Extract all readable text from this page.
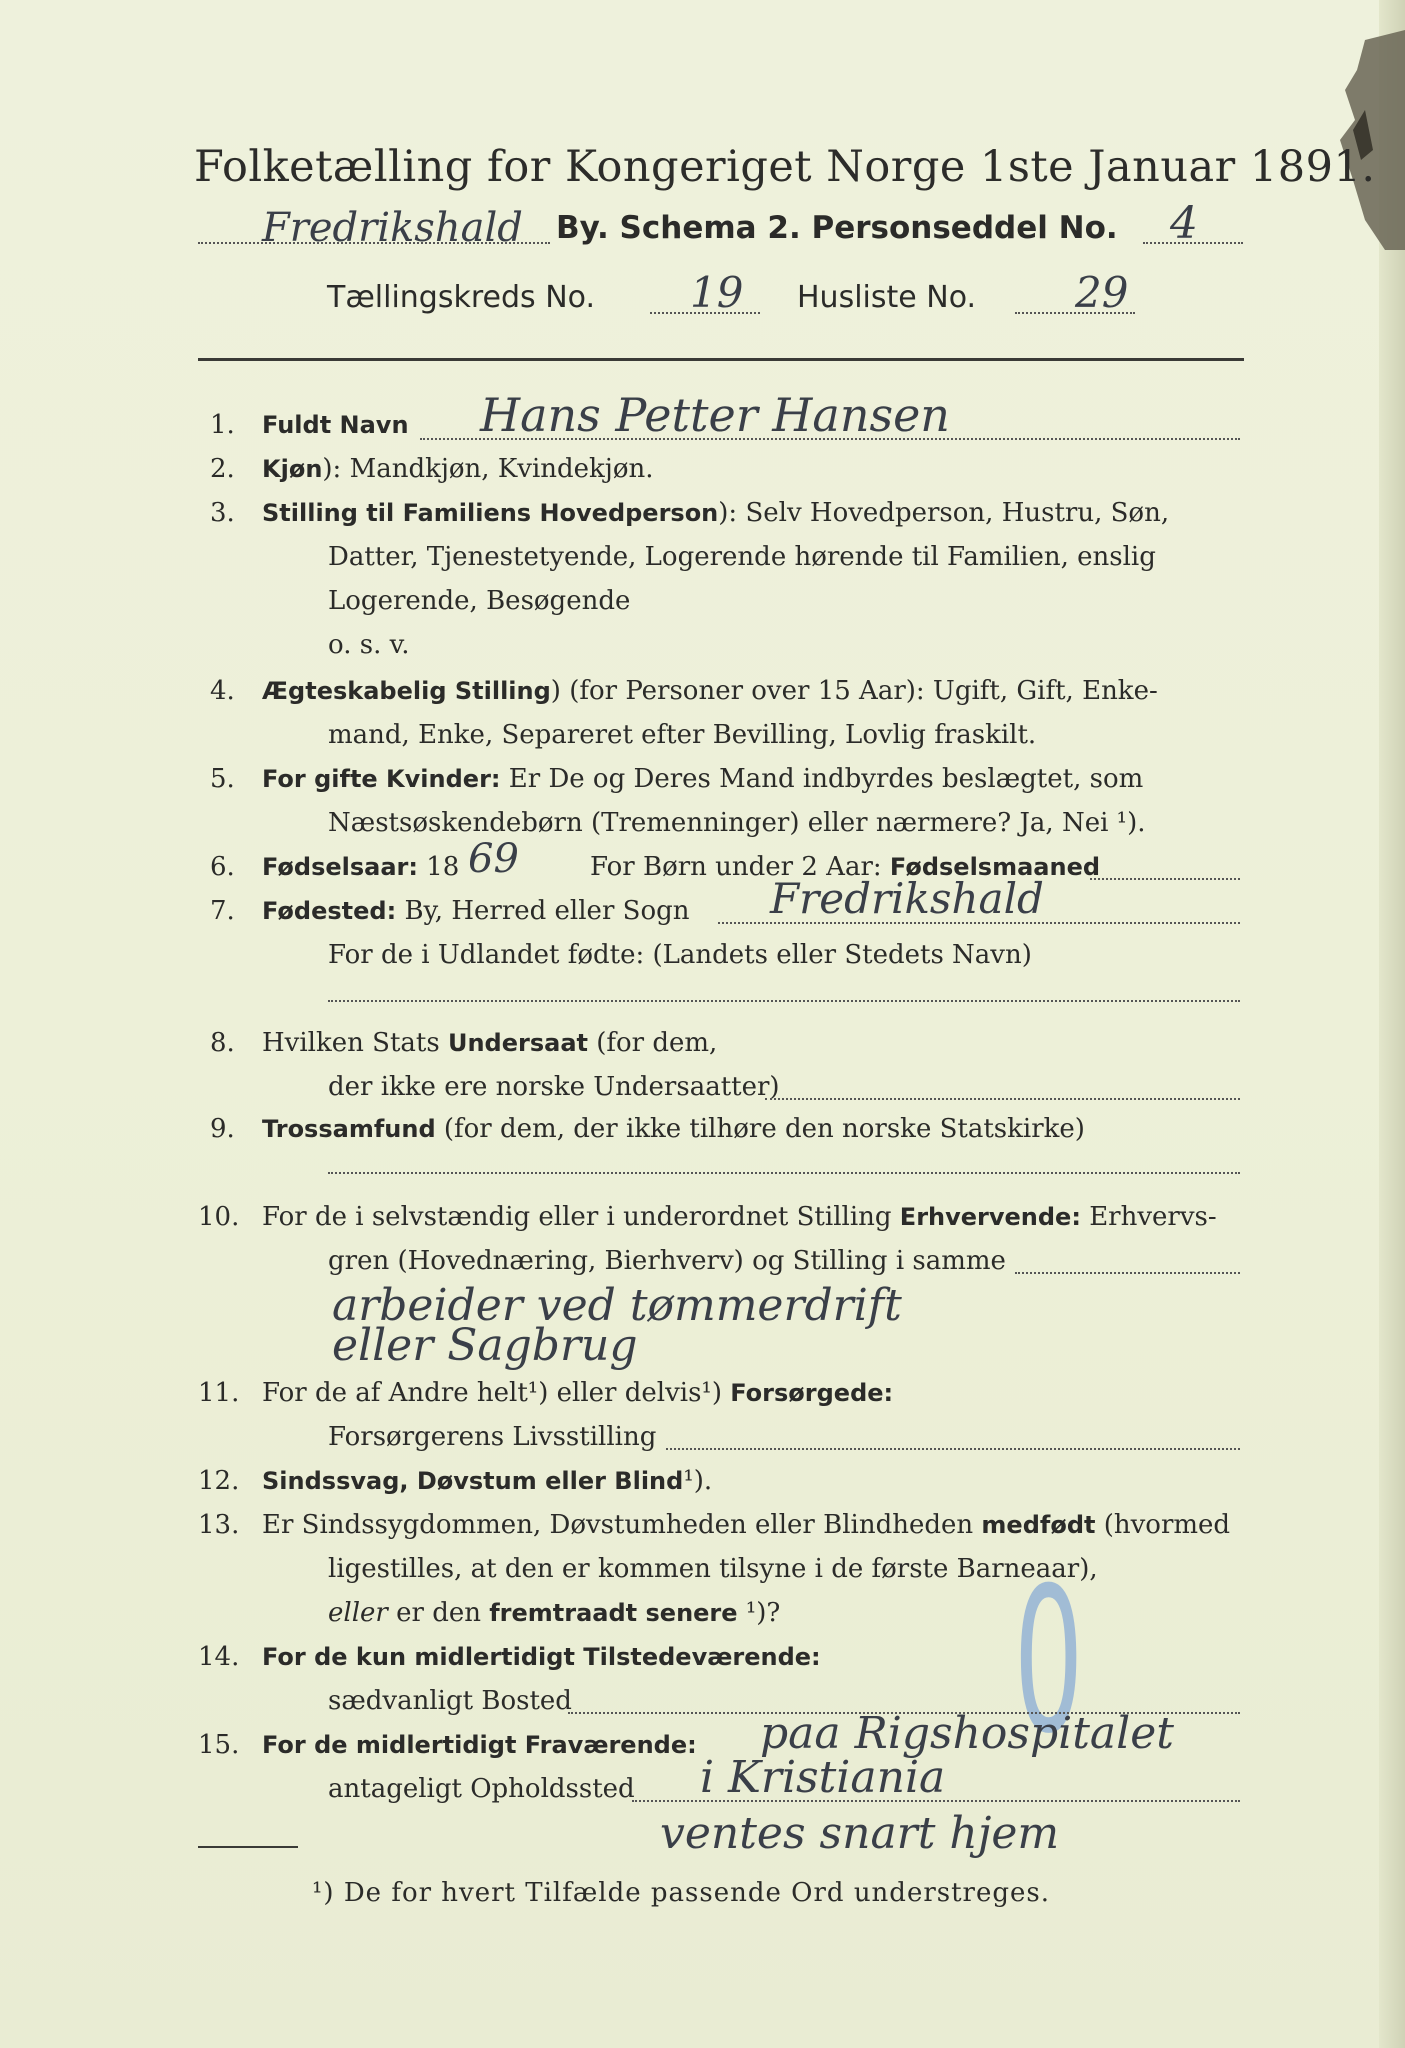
Folketælling for Kongeriget Norge 1ste Januar 1891.
Fredrikshald By. Schema 2. Personseddel No. 4
Tællingskreds No. 19 Husliste No. 29
1. Fuldt Navn Hans Petter Hansen
2. Kjøn): Mandkjøn, Kvindekjøn.
3. Stilling til Familiens Hovedperson): Selv Hovedperson, Hustru, Søn,
Datter, Tjenestetyende, Logerende hørende til Familien, enslig
Logerende, Besøgende
o. s. v.
4. Ægteskabelig Stilling) (for Personer over 15 Aar): Ugift, Gift, Enke-
mand, Enke, Separeret efter Bevilling, Lovlig fraskilt.
5. For gifte Kvinder: Er De og Deres Mand indbyrdes beslægtet, som
Næstsøskendebørn (Tremenninger) eller nærmere? Ja, Nei ¹).
6. Fødselsaar: 18 69	For Børn under 2 Aar: Fødselsmaaned
7. Fødested: By, Herred eller Sogn Fredrikshald
For de i Udlandet fødte: (Landets eller Stedets Navn)
8. Hvilken Stats Undersaat (for dem,
der ikke ere norske Undersaatter)
9. Trossamfund (for dem, der ikke tilhøre den norske Statskirke)
10. For de i selvstændig eller i underordnet Stilling Erhvervende: Erhvervs-
gren (Hovednæring, Bierhverv) og Stilling i samme
arbeider ved tømmerdrift
eller Sagbrug
11. For de af Andre helt¹) eller delvis¹) Forsørgede:
Forsørgerens Livsstilling
12. Sindssvag, Døvstum eller Blind¹).
13. Er Sindssygdommen, Døvstumheden eller Blindheden medfødt (hvormed
ligestilles, at den er kommen tilsyne i de første Barneaar),
eller er den fremtraadt senere ¹)? 0
14. For de kun midlertidigt Tilstedeværende:
sædvanligt Bosted
15. For de midlertidigt Fraværende: paa Rigshospitalet
antageligt Opholdssted i Kristiania
ventes snart hjem
¹) De for hvert Tilfælde passende Ord understreges.
